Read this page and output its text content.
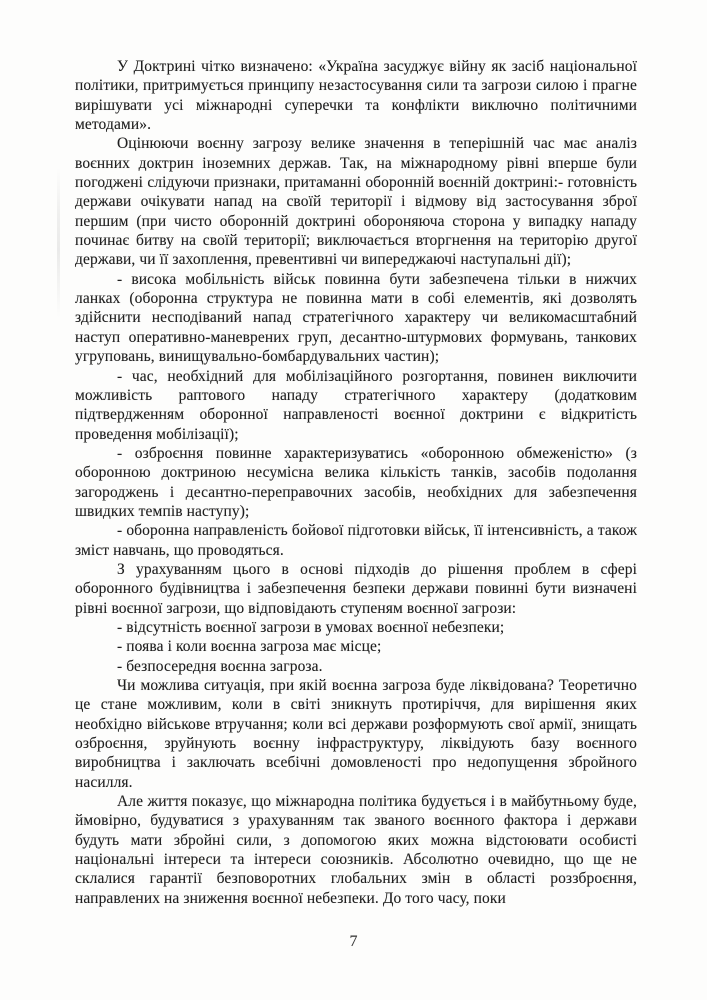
У Доктрині чітко визначено: «Україна засуджує війну як засіб національної політики, притримується принципу незастосування сили та загрози силою і прагне вирішувати усі міжнародні суперечки та конфлікти виключно політичними методами».

Оцінюючи воєнну загрозу велике значення в теперішній час має аналіз воєнних доктрин іноземних держав. Так, на міжнародному рівні вперше були погоджені слідуючи признаки, притаманні оборонній воєнній доктрині:- готовність держави очікувати напад на своїй території і відмову від застосування зброї першим (при чисто оборонній доктрині обороняюча сторона у випадку нападу починає битву на своїй території; виключається вторгнення на територію другої держави, чи її захоплення, превентивні чи випереджаючі наступальні дії);

- висока мобільність військ повинна бути забезпечена тільки в нижчих ланках (оборонна структура не повинна мати в собі елементів, які дозволять здійснити несподіваний напад стратегічного характеру чи великомасштабний наступ оперативно-маневрених груп, десантно-штурмових формувань, танкових угруповань, винищувально-бомбардувальних частин);

- час, необхідний для мобілізаційного розгортання, повинен виключити можливість раптового нападу стратегічного характеру (додатковим підтвердженням оборонної направленості воєнної доктрини є відкритість проведення мобілізації);

- озброєння повинне характеризуватись «оборонною обмеженістю» (з оборонною доктриною несумісна велика кількість танків, засобів подолання загороджень і десантно-переправочних засобів, необхідних для забезпечення швидких темпів наступу);

- оборонна направленість бойової підготовки військ, її інтенсивність, а також зміст навчань, що проводяться.

З урахуванням цього в основі підходів до рішення проблем в сфері оборонного будівництва і забезпечення безпеки держави повинні бути визначені рівні воєнної загрози, що відповідають ступеням воєнної загрози:

- відсутність воєнної загрози в умовах воєнної небезпеки;

- поява і коли воєнна загроза має місце;

- безпосередня воєнна загроза.

Чи можлива ситуація, при якій воєнна загроза буде ліквідована? Теоретично це стане можливим, коли в світі зникнуть протиріччя, для вирішення яких необхідно військове втручання; коли всі держави розформують свої армії, знищать озброєння, зруйнують воєнну інфраструктуру, ліквідують базу воєнного виробництва і заключать всебічні домовленості про недопущення збройного насилля.

Але життя показує, що міжнародна політика будується і в майбутньому буде, ймовірно, будуватися з урахуванням так званого воєнного фактора і держави будуть мати збройні сили, з допомогою яких можна відстоювати особисті національні інтереси та інтереси союзників. Абсолютно очевидно, що ще не склалися гарантії безповоротних глобальних змін в області роззброєння, направлених на зниження воєнної небезпеки. До того часу, поки

7
